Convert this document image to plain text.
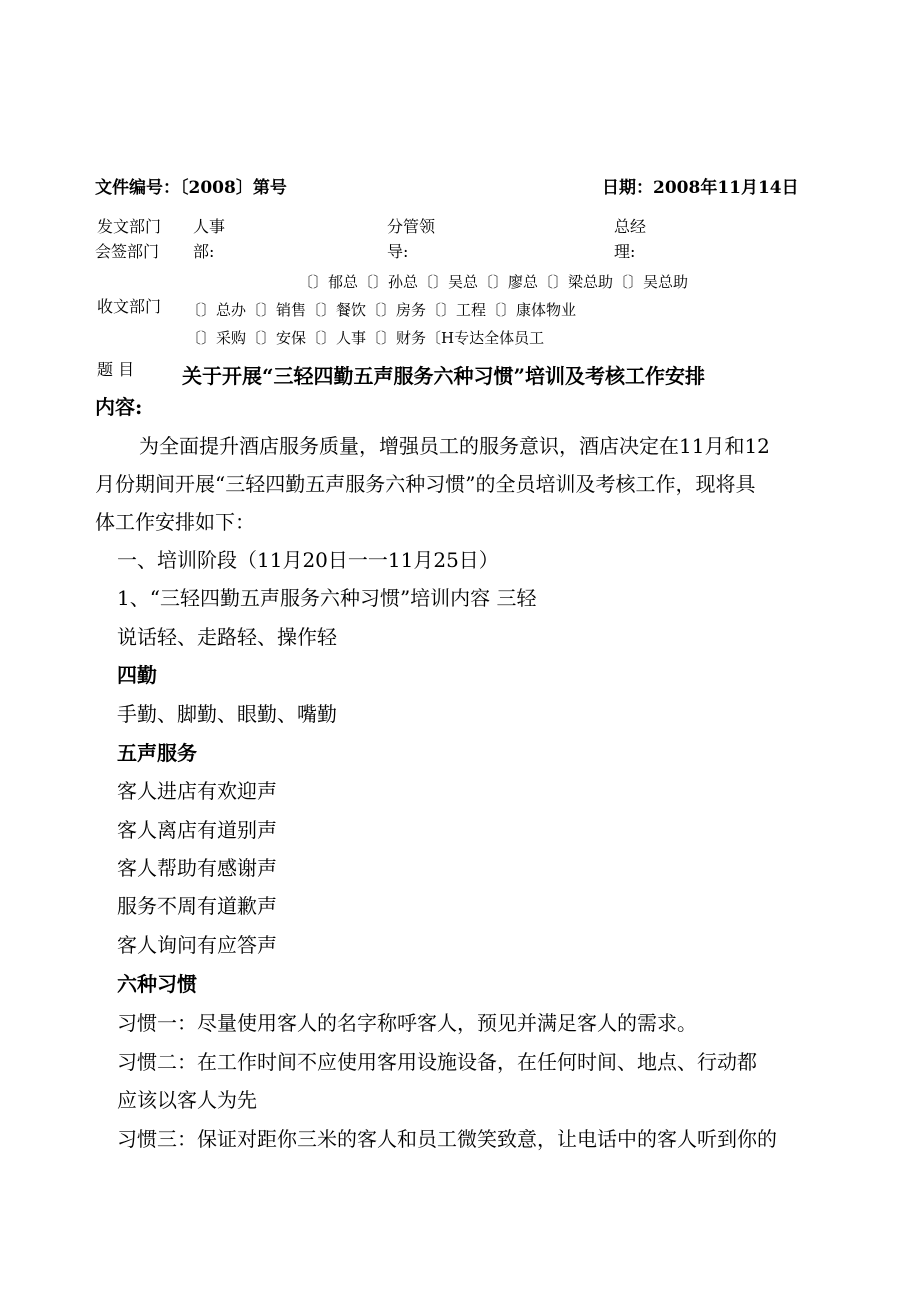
文件编号：〔2008〕第号	日期：2008年11月14日
发文部门
会签部门
人事
部:
分管领
导:
总经
理:
〔〕郁总〔〕孙总〔〕吴总〔〕廖总〔〕梁总助〔〕吴总助
收文部门 〔〕总办〔〕销售〔〕餐饮〔〕房务〔〕工程〔〕康体物业
〔〕采购〔〕安保〔〕人事〔〕财务〔H专达全体员工
题 目 关于开展“三轻四勤五声服务六种习惯”培训及考核工作安排
内容:
为全面提升酒店服务质量，增强员工的服务意识，酒店决定在11月和12
月份期间开展“三轻四勤五声服务六种习惯”的全员培训及考核工作，现将具
体工作安排如下：
一、培训阶段（11月20日一一11月25日）
1、“三轻四勤五声服务六种习惯”培训内容 三轻
说话轻、走路轻、操作轻
四勤
手勤、脚勤、眼勤、嘴勤
五声服务
客人进店有欢迎声
客人离店有道别声
客人帮助有感谢声
服务不周有道歉声
客人询问有应答声
六种习惯
习惯一：尽量使用客人的名字称呼客人，预见并满足客人的需求。
习惯二：在工作时间不应使用客用设施设备，在任何时间、地点、行动都
应该以客人为先
习惯三：保证对距你三米的客人和员工微笑致意，让电话中的客人听到你的
